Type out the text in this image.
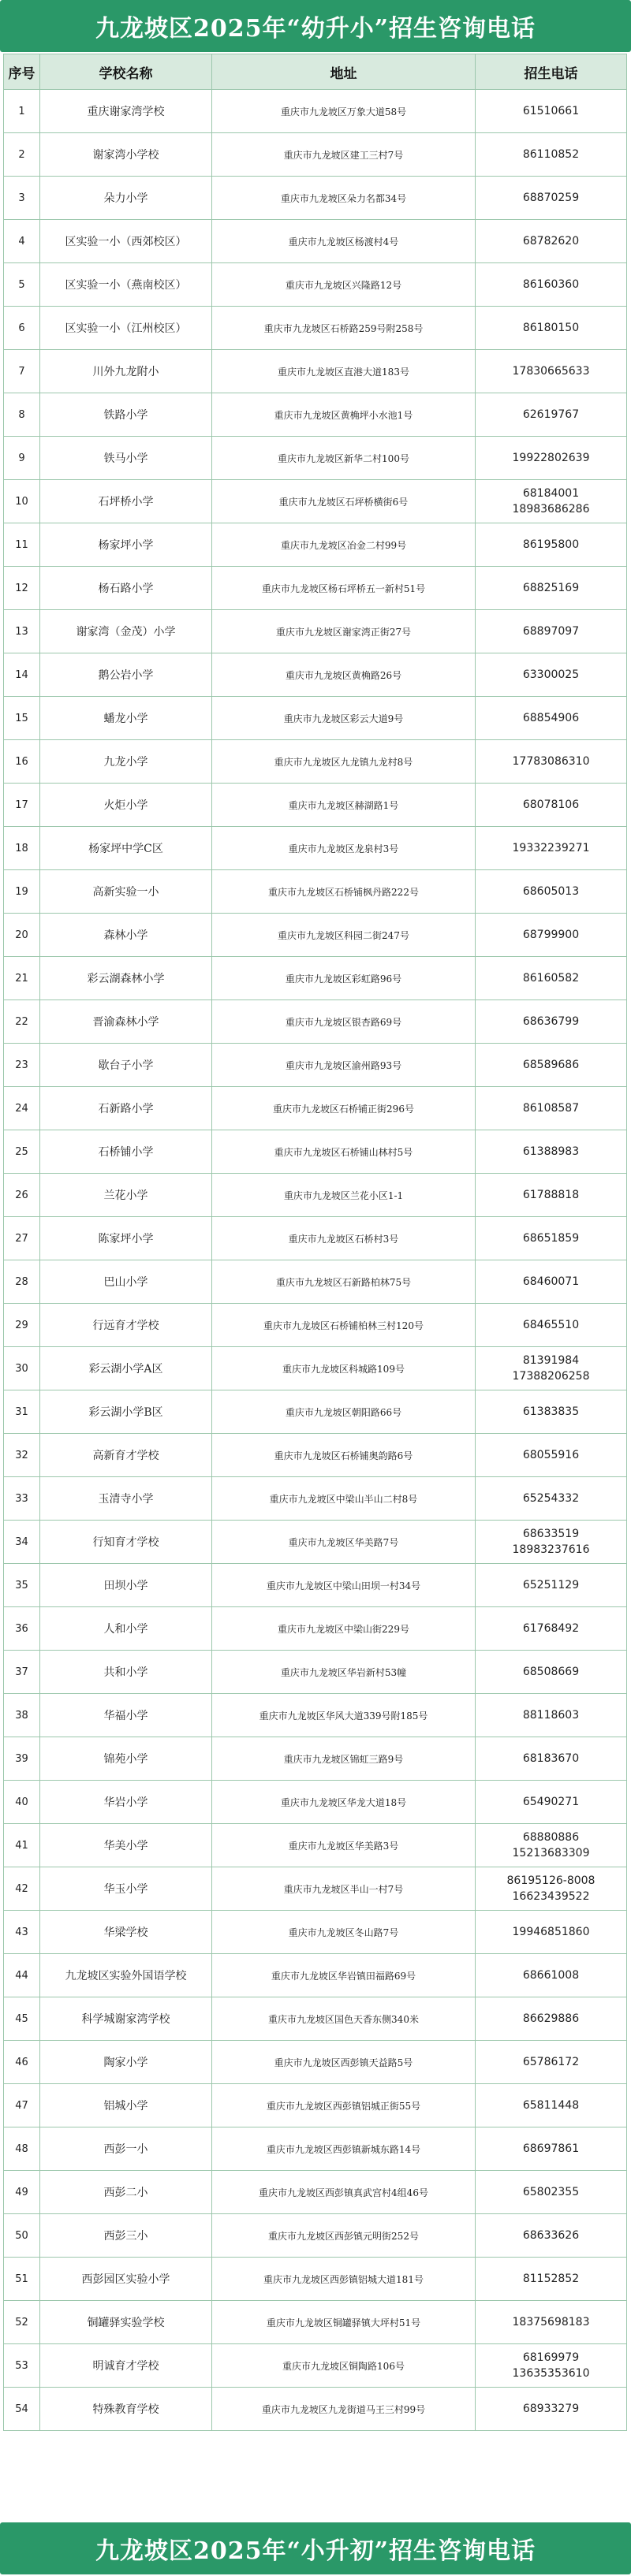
九龙坡区2025年“幼升小”招生咨询电话
序号	学校名称	地址	招生电话
1	重庆谢家湾学校	重庆市九龙坡区万象大道58号	61510661
2	谢家湾小学校	重庆市九龙坡区建工三村7号	86110852
3	朵力小学	重庆市九龙坡区朵力名都34号	68870259
4	区实验一小（西郊校区）	重庆市九龙坡区杨渡村4号	68782620
5	区实验一小（燕南校区）	重庆市九龙坡区兴隆路12号	86160360
6	区实验一小（江州校区）	重庆市九龙坡区石桥路259号附258号	86180150
7	川外九龙附小	重庆市九龙坡区直港大道183号	17830665633
8	铁路小学	重庆市九龙坡区黄桷坪小水池1号	62619767
9	铁马小学	重庆市九龙坡区新华二村100号	19922802639
10	石坪桥小学	重庆市九龙坡区石坪桥横街6号	68184001
18983686286
11	杨家坪小学	重庆市九龙坡区冶金二村99号	86195800
12	杨石路小学	重庆市九龙坡区杨石坪桥五一新村51号	68825169
13	谢家湾（金茂）小学	重庆市九龙坡区谢家湾正街27号	68897097
14	鹅公岩小学	重庆市九龙坡区黄桷路26号	63300025
15	蟠龙小学	重庆市九龙坡区彩云大道9号	68854906
16	九龙小学	重庆市九龙坡区九龙镇九龙村8号	17783086310
17	火炬小学	重庆市九龙坡区赫湖路1号	68078106
18	杨家坪中学C区	重庆市九龙坡区龙泉村3号	19332239271
19	高新实验一小	重庆市九龙坡区石桥铺枫丹路222号	68605013
20	森林小学	重庆市九龙坡区科园二街247号	68799900
21	彩云湖森林小学	重庆市九龙坡区彩虹路96号	86160582
22	晋渝森林小学	重庆市九龙坡区银杏路69号	68636799
23	歇台子小学	重庆市九龙坡区渝州路93号	68589686
24	石新路小学	重庆市九龙坡区石桥铺正街296号	86108587
25	石桥铺小学	重庆市九龙坡区石桥铺山林村5号	61388983
26	兰花小学	重庆市九龙坡区兰花小区1-1	61788818
27	陈家坪小学	重庆市九龙坡区石桥村3号	68651859
28	巴山小学	重庆市九龙坡区石新路柏林75号	68460071
29	行远育才学校	重庆市九龙坡区石桥铺柏林三村120号	68465510
30	彩云湖小学A区	重庆市九龙坡区科城路109号	81391984
17388206258
31	彩云湖小学B区	重庆市九龙坡区朝阳路66号	61383835
32	高新育才学校	重庆市九龙坡区石桥铺奥韵路6号	68055916
33	玉清寺小学	重庆市九龙坡区中梁山半山二村8号	65254332
34	行知育才学校	重庆市九龙坡区华美路7号	68633519
18983237616
35	田坝小学	重庆市九龙坡区中梁山田坝一村34号	65251129
36	人和小学	重庆市九龙坡区中梁山街229号	61768492
37	共和小学	重庆市九龙坡区华岩新村53幢	68508669
38	华福小学	重庆市九龙坡区华风大道339号附185号	88118603
39	锦苑小学	重庆市九龙坡区锦虹三路9号	68183670
40	华岩小学	重庆市九龙坡区华龙大道18号	65490271
41	华美小学	重庆市九龙坡区华美路3号	68880886
15213683309
42	华玉小学	重庆市九龙坡区半山一村7号	86195126-8008
16623439522
43	华梁学校	重庆市九龙坡区冬山路7号	19946851860
44	九龙坡区实验外国语学校	重庆市九龙坡区华岩镇田福路69号	68661008
45	科学城谢家湾学校	重庆市九龙坡区国色天香东侧340米	86629886
46	陶家小学	重庆市九龙坡区西彭镇天益路5号	65786172
47	铝城小学	重庆市九龙坡区西彭镇铝城正街55号	65811448
48	西彭一小	重庆市九龙坡区西彭镇新城东路14号	68697861
49	西彭二小	重庆市九龙坡区西彭镇真武宫村4组46号	65802355
50	西彭三小	重庆市九龙坡区西彭镇元明街252号	68633626
51	西彭园区实验小学	重庆市九龙坡区西彭镇铝城大道181号	81152852
52	铜罐驿实验学校	重庆市九龙坡区铜罐驿镇大坪村51号	18375698183
53	明诚育才学校	重庆市九龙坡区铜陶路106号	68169979
13635353610
54	特殊教育学校	重庆市九龙坡区九龙街道马王三村99号	68933279
九龙坡区2025年“小升初”招生咨询电话
